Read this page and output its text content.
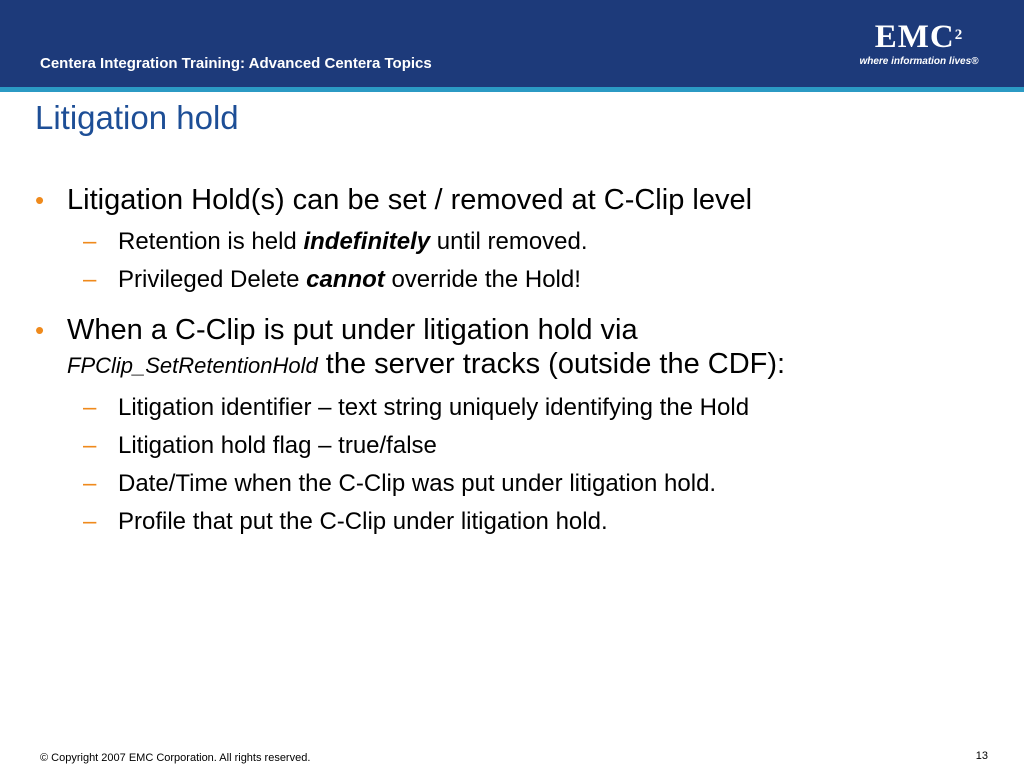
Centera Integration Training: Advanced Centera Topics
EMC$^2$
where information lives®
Litigation hold
• Litigation Hold(s) can be set / removed at C-Clip level
– Retention is held indefinitely until removed.
– Privileged Delete cannot override the Hold!
• When a C-Clip is put under litigation hold via
FPClip_SetRetentionHold the server tracks (outside the CDF):
– Litigation identifier – text string uniquely identifying the Hold
– Litigation hold flag – true/false
– Date/Time when the C-Clip was put under litigation hold.
– Profile that put the C-Clip under litigation hold.
© Copyright 2007 EMC Corporation. All rights reserved.	13
